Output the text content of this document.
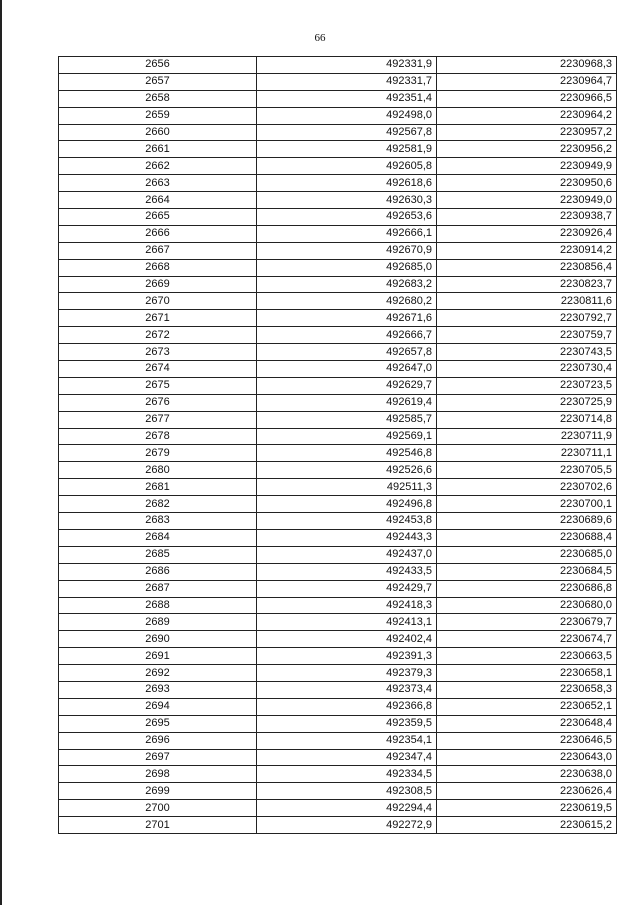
66
2656	492331,9	2230968,3
2657	492331,7	2230964,7
2658	492351,4	2230966,5
2659	492498,0	2230964,2
2660	492567,8	2230957,2
2661	492581,9	2230956,2
2662	492605,8	2230949,9
2663	492618,6	2230950,6
2664	492630,3	2230949,0
2665	492653,6	2230938,7
2666	492666,1	2230926,4
2667	492670,9	2230914,2
2668	492685,0	2230856,4
2669	492683,2	2230823,7
2670	492680,2	2230811,6
2671	492671,6	2230792,7
2672	492666,7	2230759,7
2673	492657,8	2230743,5
2674	492647,0	2230730,4
2675	492629,7	2230723,5
2676	492619,4	2230725,9
2677	492585,7	2230714,8
2678	492569,1	2230711,9
2679	492546,8	2230711,1
2680	492526,6	2230705,5
2681	492511,3	2230702,6
2682	492496,8	2230700,1
2683	492453,8	2230689,6
2684	492443,3	2230688,4
2685	492437,0	2230685,0
2686	492433,5	2230684,5
2687	492429,7	2230686,8
2688	492418,3	2230680,0
2689	492413,1	2230679,7
2690	492402,4	2230674,7
2691	492391,3	2230663,5
2692	492379,3	2230658,1
2693	492373,4	2230658,3
2694	492366,8	2230652,1
2695	492359,5	2230648,4
2696	492354,1	2230646,5
2697	492347,4	2230643,0
2698	492334,5	2230638,0
2699	492308,5	2230626,4
2700	492294,4	2230619,5
2701	492272,9	2230615,2
